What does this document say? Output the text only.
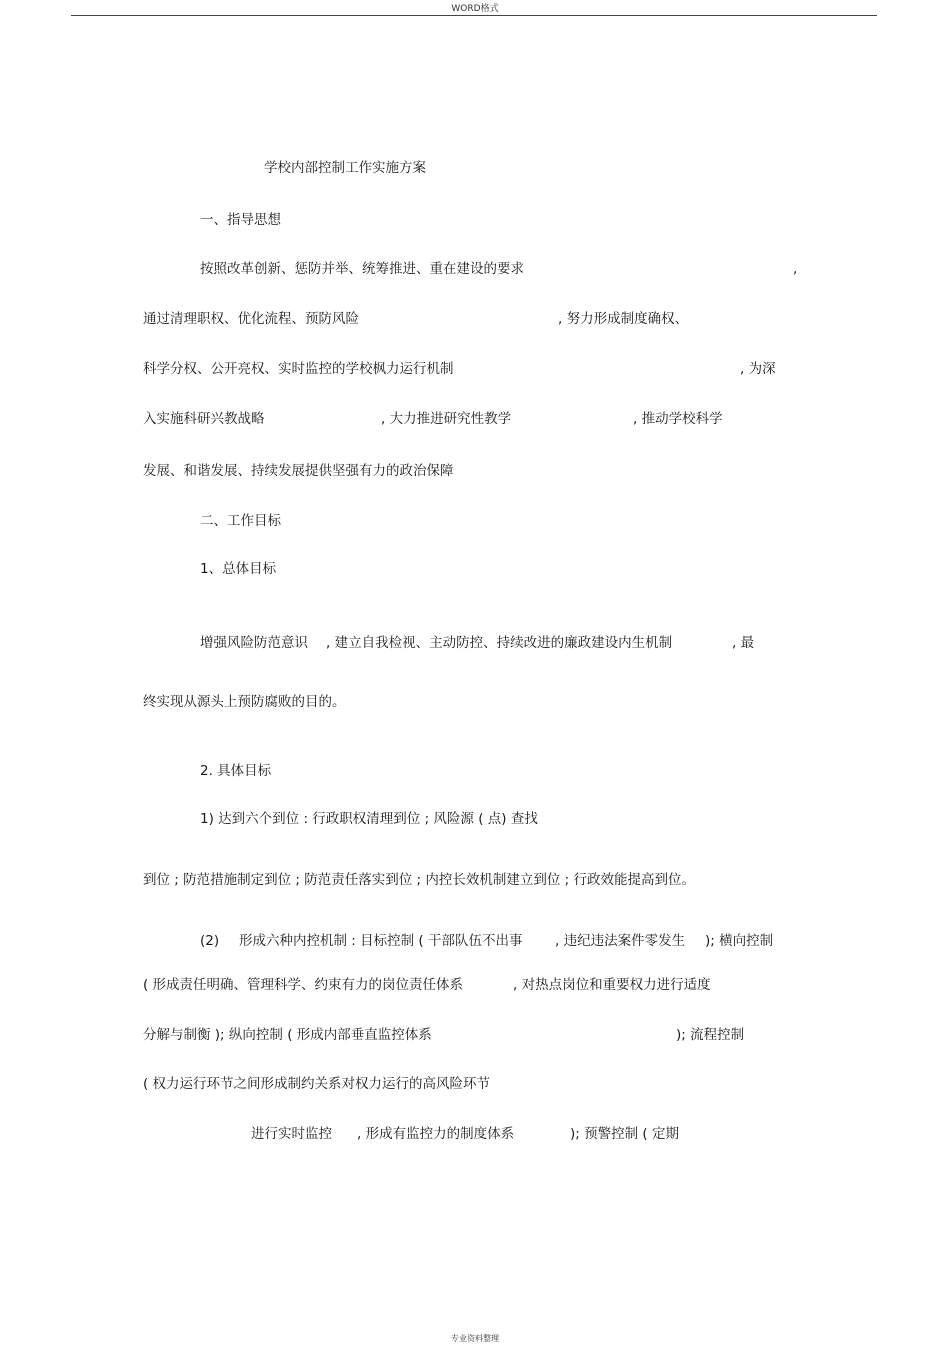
WORD格式
学校内部控制工作实施方案
一、指导思想
按照改革创新、惩防并举、统筹推进、重在建设的要求	,
通过清理职权、优化流程、预防风险	, 努力形成制度确权、
科学分权、公开亮权、实时监控的学校枫力运行机制	, 为深
入实施科研兴教战略	, 大力推进研究性教学	, 推动学校科学
发展、和谐发展、持续发展提供坚强有力的政治保障
二、工作目标
1、总体目标
增强风险防范意识 , 建立自我检视、主动防控、持续改进的廉政建设内生机制	, 最
终实现从源头上预防腐败的目的。
2. 具体目标
1) 达到六个到位 : 行政职权清理到位 ; 风险源 ( 点) 查找
到位 ; 防范措施制定到位 ; 防范责任落实到位 ; 内控长效机制建立到位 ; 行政效能提高到位。
(2) 形成六种内控机制 : 目标控制 ( 干部队伍不出事 , 违纪违法案件零发生 ); 横向控制
( 形成责任明确、管理科学、约束有力的岗位责任体系	, 对热点岗位和重要权力进行适度
分解与制衡 ); 纵向控制 ( 形成内部垂直监控体系	); 流程控制
( 权力运行环节之间形成制约关系对权力运行的高风险环节
进行实时监控 , 形成有监控力的制度体系	); 预警控制 ( 定期
专业资料整理
